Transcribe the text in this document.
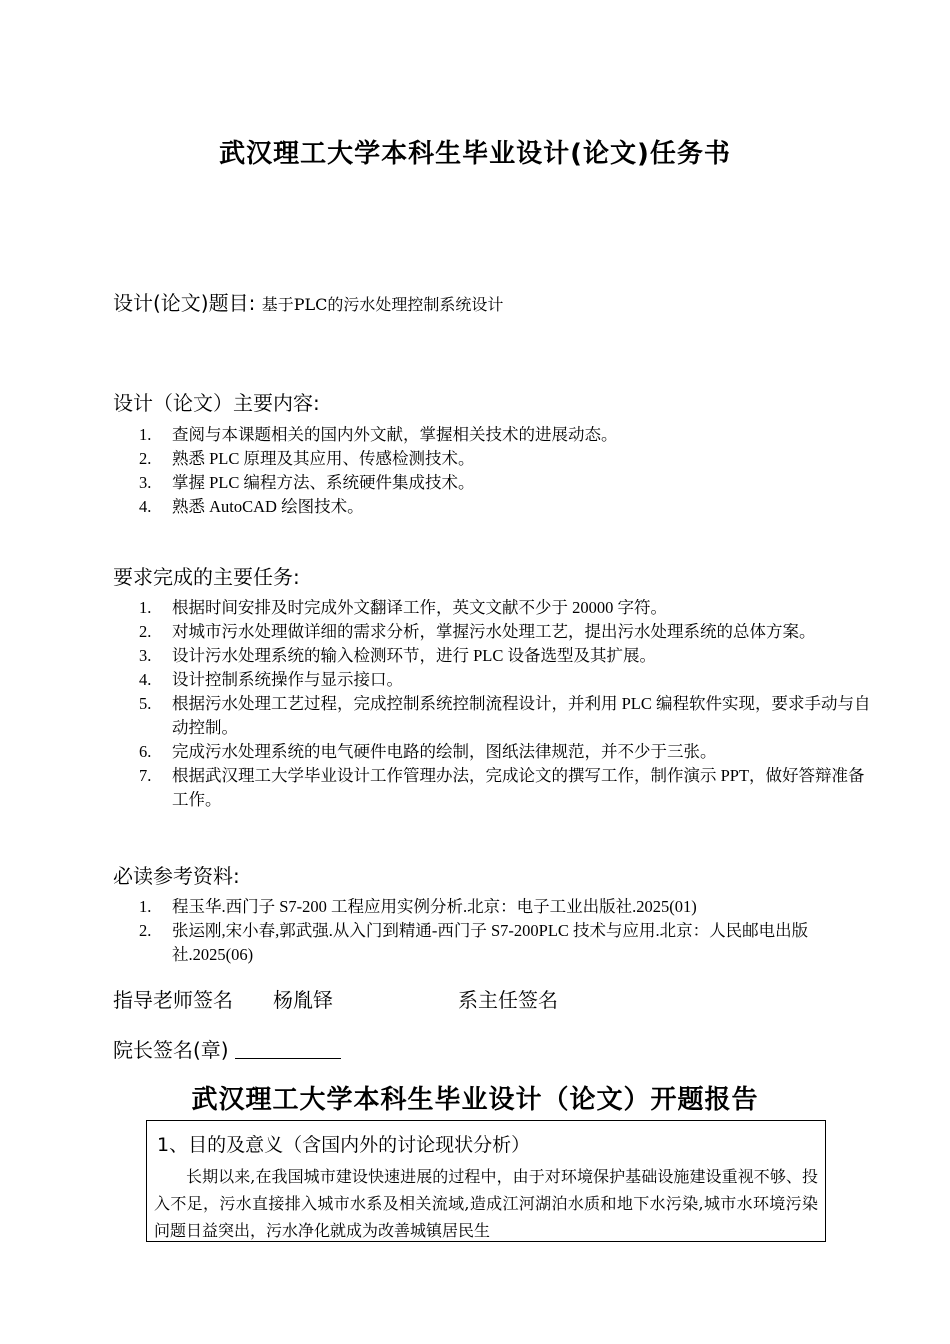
武汉理工大学本科生毕业设计(论文)任务书
设计(论文)题目: 基于PLC的污水处理控制系统设计
设计（论文）主要内容:
1. 查阅与本课题相关的国内外文献，掌握相关技术的进展动态。
2. 熟悉 PLC 原理及其应用、传感检测技术。
3. 掌握 PLC 编程方法、系统硬件集成技术。
4. 熟悉 AutoCAD 绘图技术。
要求完成的主要任务:
1. 根据时间安排及时完成外文翻译工作，英文文献不少于 20000 字符。
2. 对城市污水处理做详细的需求分析，掌握污水处理工艺，提出污水处理系统的总体方案。
3. 设计污水处理系统的输入检测环节，进行 PLC 设备选型及其扩展。
4. 设计控制系统操作与显示接口。
5. 根据污水处理工艺过程，完成控制系统控制流程设计，并利用 PLC 编程软件实现，要求手动与自动控制。
6. 完成污水处理系统的电气硬件电路的绘制，图纸法律规范，并不少于三张。
7. 根据武汉理工大学毕业设计工作管理办法，完成论文的撰写工作，制作演示 PPT，做好答辩准备工作。
必读参考资料:
1. 程玉华.西门子 S7-200 工程应用实例分析.北京：电子工业出版社.2025(01)
2. 张运刚,宋小春,郭武强.从入门到精通-西门子 S7-200PLC 技术与应用.北京：人民邮电出版社.2025(06)
指导老师签名 杨胤铎	系主任签名
院长签名(章)
武汉理工大学本科生毕业设计（论文）开题报告
1、目的及意义（含国内外的讨论现状分析）
长期以来,在我国城市建设快速进展的过程中，由于对环境保护基础设施建设重视不够、投入不足，污水直接排入城市水系及相关流域,造成江河湖泊水质和地下水污染,城市水环境污染问题日益突出，污水净化就成为改善城镇居民生
